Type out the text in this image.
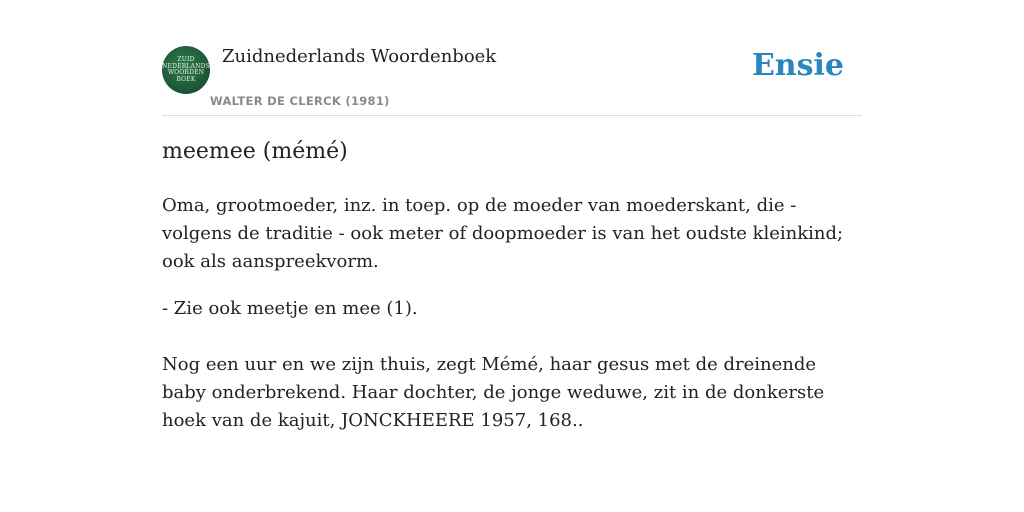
ZUID
NEDERLANDS
WOORDEN
BOEK
Zuidnederlands Woordenboek
WALTER DE CLERCK (1981)
Ensie
meemee (mémé)

Oma, grootmoeder, inz. in toep. op de moeder van moederskant, die - volgens de traditie - ook meter of doopmoeder is van het oudste kleinkind; ook als aanspreekvorm.

- Zie ook meetje en mee (1).

Nog een uur en we zijn thuis, zegt Mémé, haar gesus met de dreinende baby onderbrekend. Haar dochter, de jonge weduwe, zit in de donkerste hoek van de kajuit, JONCKHEERE 1957, 168..
